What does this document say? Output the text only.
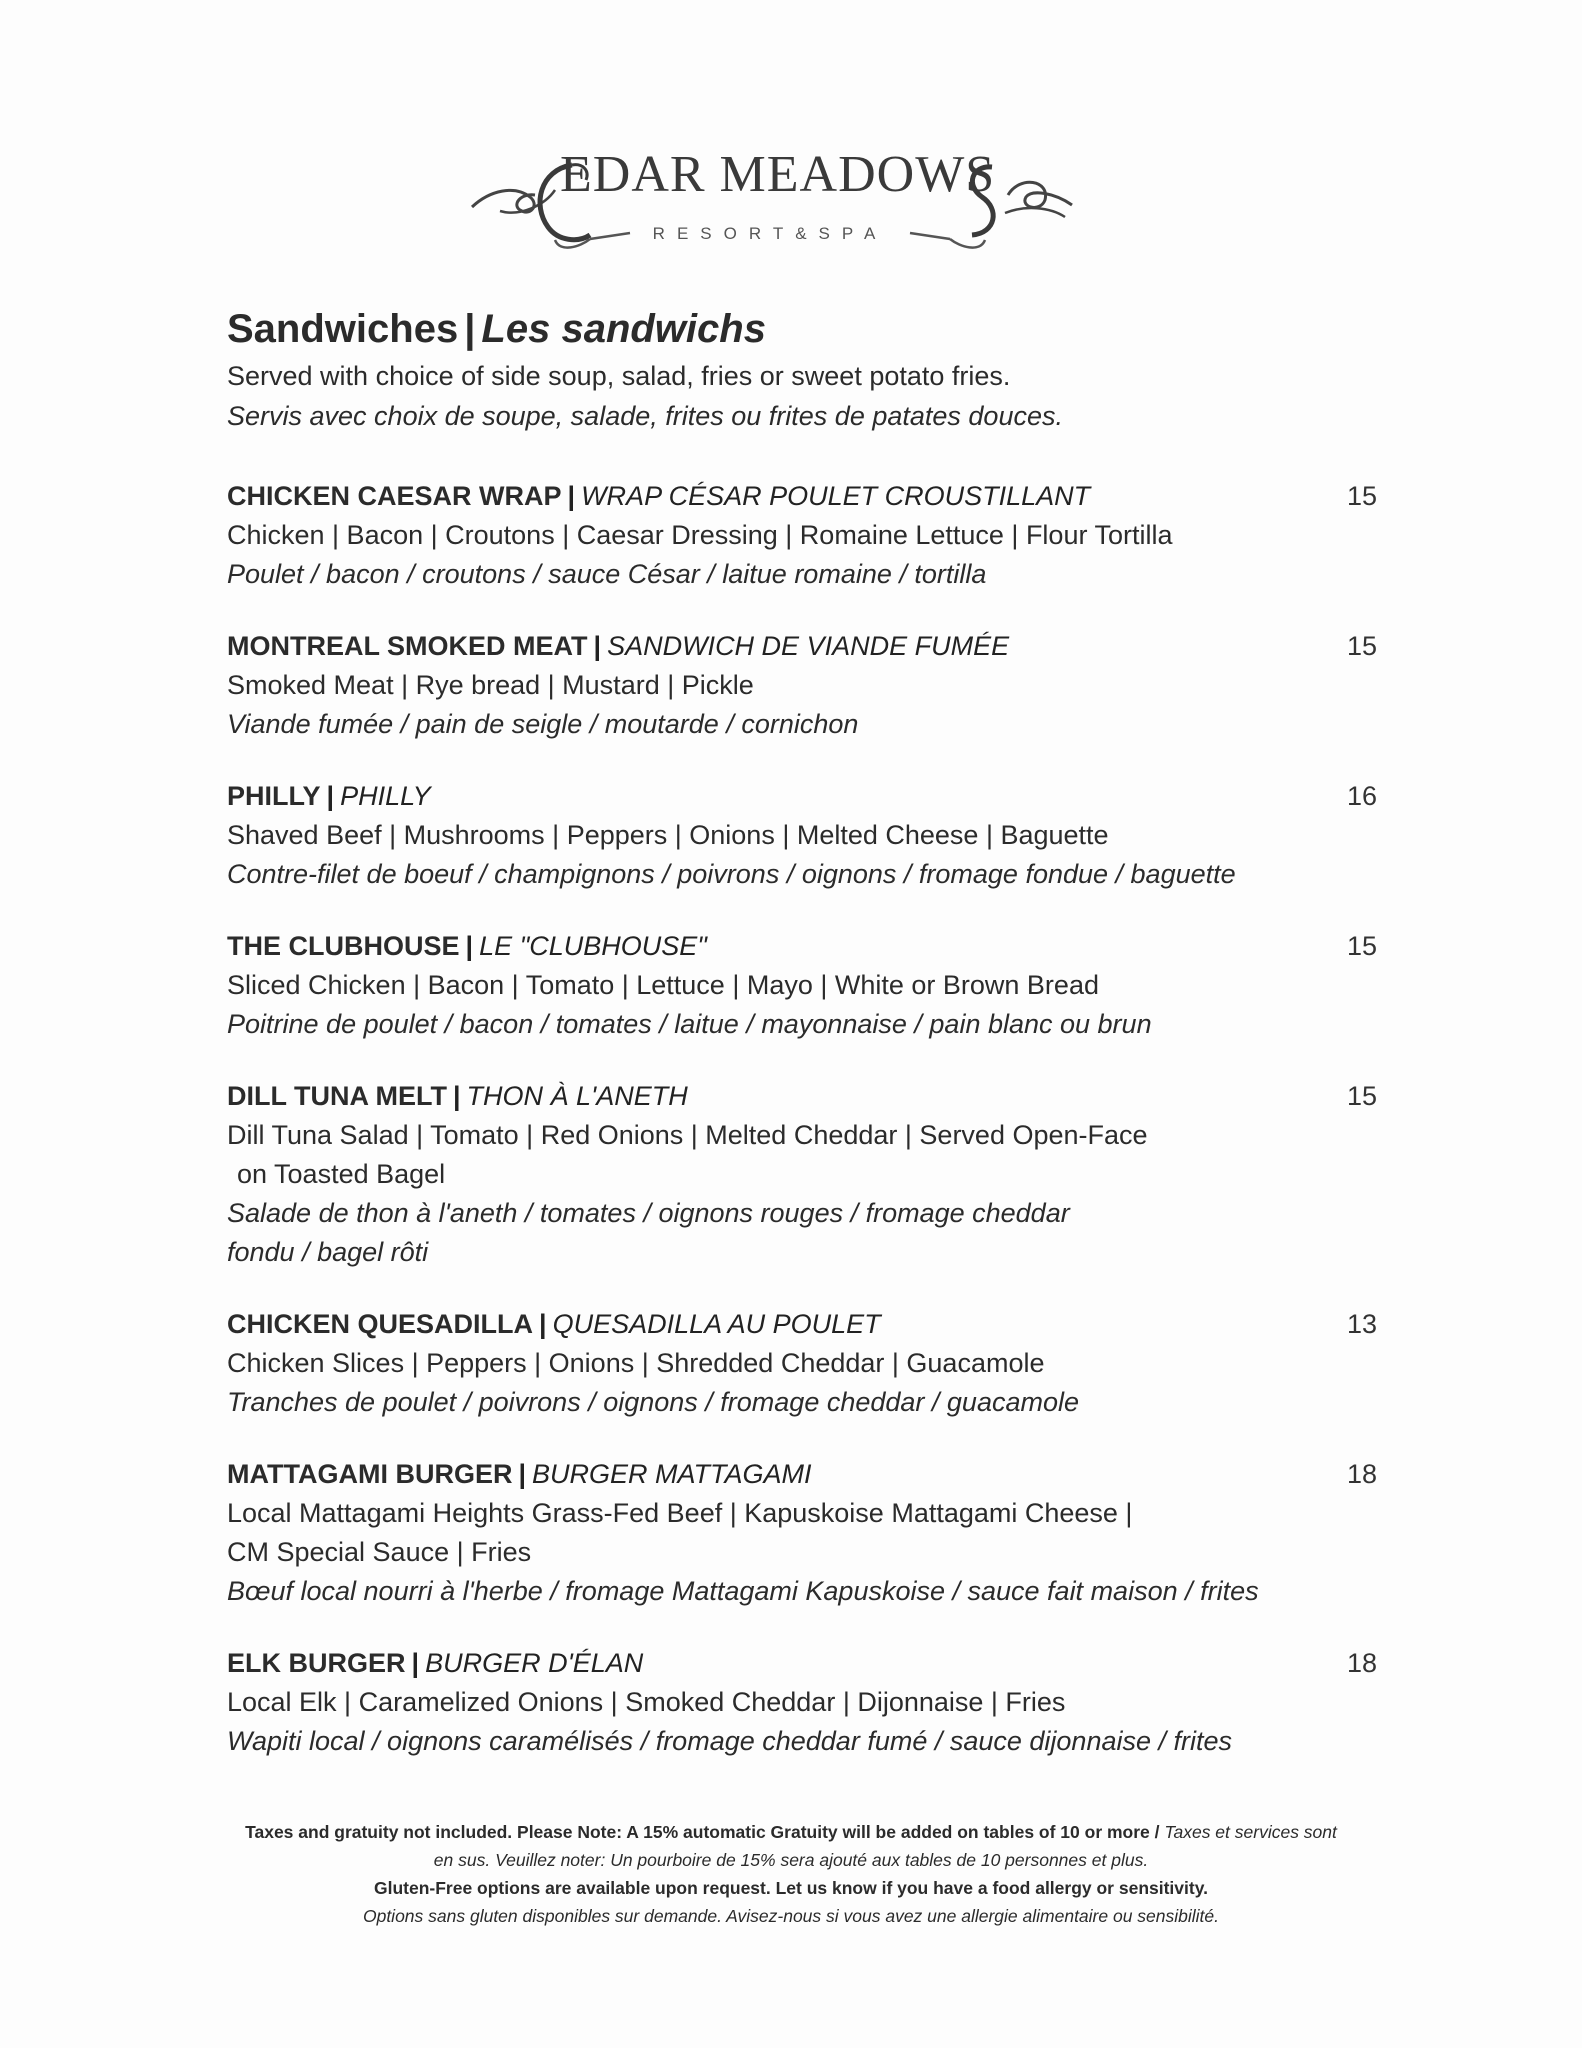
EDAR MEADOWS
RESORT&SPA
Sandwiches | Les sandwichs
Served with choice of side soup, salad, fries or sweet potato fries.
Servis avec choix de soupe, salade, frites ou frites de patates douces.
CHICKEN CAESAR WRAP | WRAP CÉSAR POULET CROUSTILLANT	15
Chicken | Bacon | Croutons | Caesar Dressing | Romaine Lettuce | Flour Tortilla
Poulet / bacon / croutons / sauce César / laitue romaine / tortilla
MONTREAL SMOKED MEAT | SANDWICH DE VIANDE FUMÉE	15
Smoked Meat | Rye bread | Mustard | Pickle
Viande fumée / pain de seigle / moutarde / cornichon
PHILLY | PHILLY	16
Shaved Beef | Mushrooms | Peppers | Onions | Melted Cheese | Baguette
Contre-filet de boeuf / champignons / poivrons / oignons / fromage fondue / baguette
THE CLUBHOUSE | LE "CLUBHOUSE"	15
Sliced Chicken | Bacon | Tomato | Lettuce | Mayo | White or Brown Bread
Poitrine de poulet / bacon / tomates / laitue / mayonnaise / pain blanc ou brun
DILL TUNA MELT | THON À L'ANETH	15
Dill Tuna Salad | Tomato | Red Onions | Melted Cheddar | Served Open-Face
on Toasted Bagel
Salade de thon à l'aneth / tomates / oignons rouges / fromage cheddar
fondu / bagel rôti
CHICKEN QUESADILLA | QUESADILLA AU POULET	13
Chicken Slices | Peppers | Onions | Shredded Cheddar | Guacamole
Tranches de poulet / poivrons / oignons / fromage cheddar / guacamole
MATTAGAMI BURGER | BURGER MATTAGAMI	18
Local Mattagami Heights Grass-Fed Beef | Kapuskoise Mattagami Cheese |
CM Special Sauce | Fries
Bœuf local nourri à l'herbe / fromage Mattagami Kapuskoise / sauce fait maison / frites
ELK BURGER | BURGER D'ÉLAN	18
Local Elk | Caramelized Onions | Smoked Cheddar | Dijonnaise | Fries
Wapiti local / oignons caramélisés / fromage cheddar fumé / sauce dijonnaise / frites
Taxes and gratuity not included. Please Note: A 15% automatic Gratuity will be added on tables of 10 or more / Taxes et services sont
en sus. Veuillez noter: Un pourboire de 15% sera ajouté aux tables de 10 personnes et plus.
Gluten-Free options are available upon request. Let us know if you have a food allergy or sensitivity.
Options sans gluten disponibles sur demande. Avisez-nous si vous avez une allergie alimentaire ou sensibilité.
